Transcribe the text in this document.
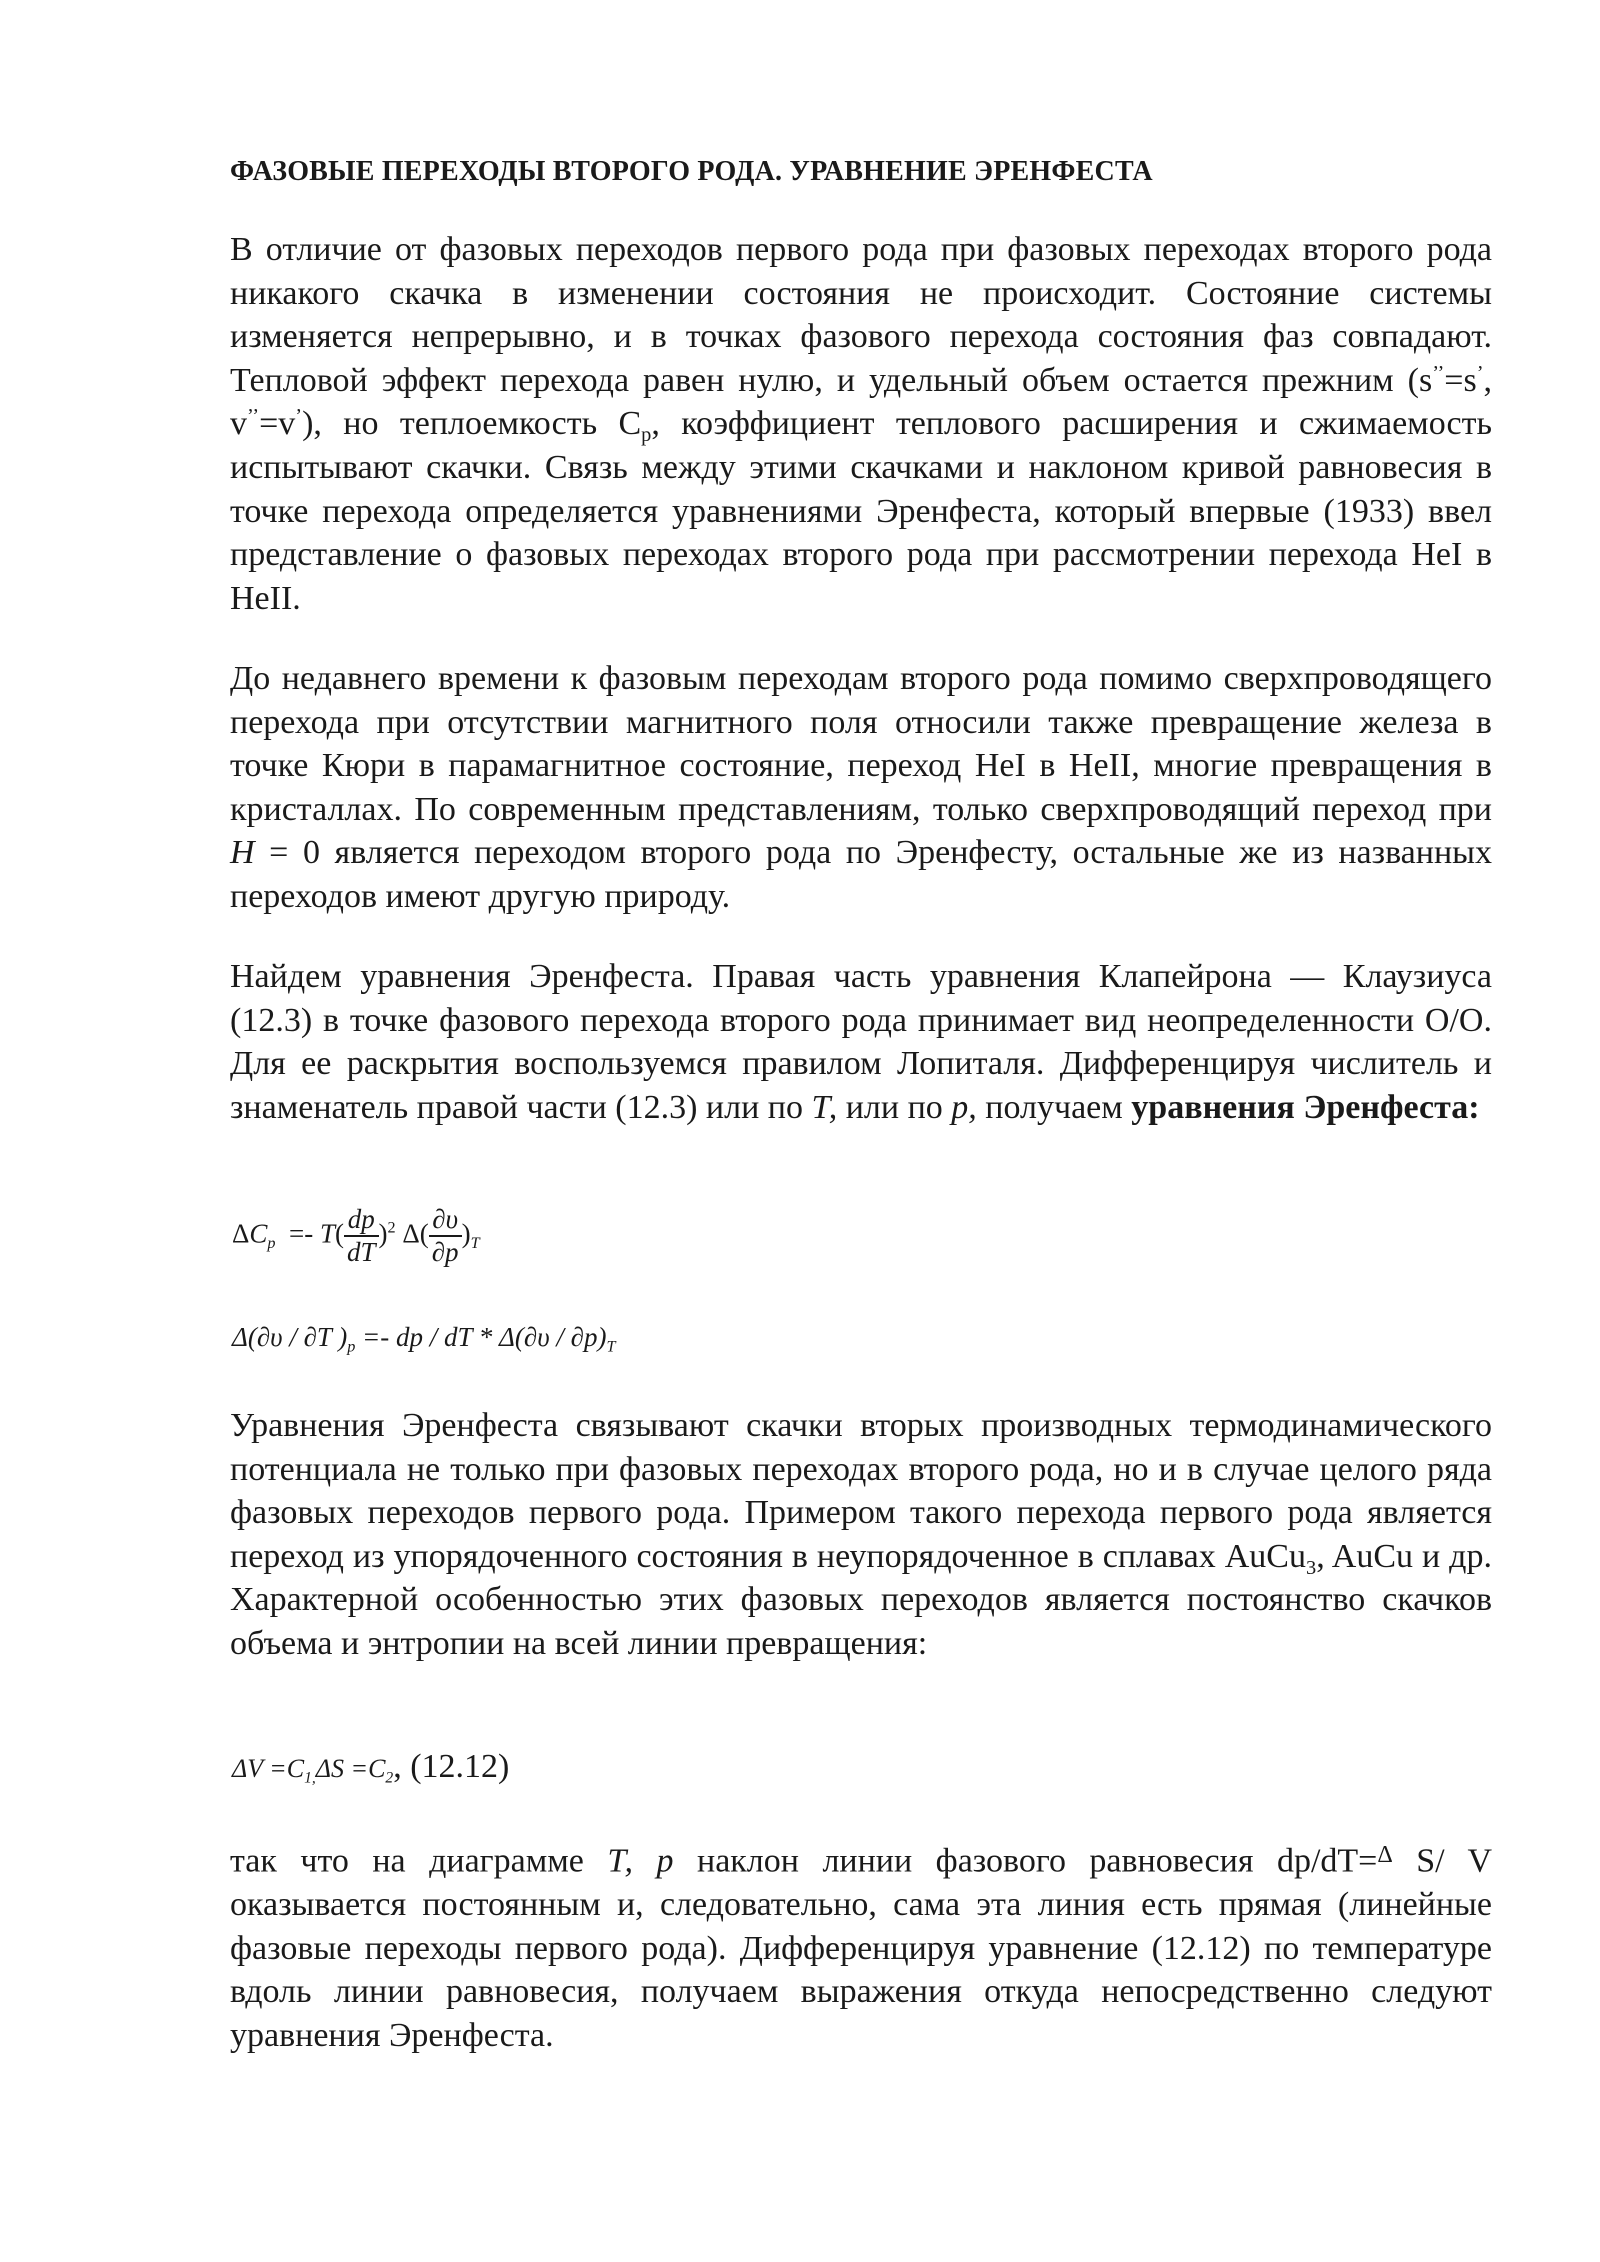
ФАЗОВЫЕ ПЕРЕХОДЫ ВТОРОГО РОДА. УРАВНЕНИЕ ЭРЕНФЕСТА

В отличие от фазовых переходов первого рода при фазовых переходах второго рода никакого скачка в изменении состояния не происходит. Состояние системы изменяется непрерывно, и в точках фазового перехода состояния фаз совпадают. Тепловой эффект перехода равен нулю, и удельный объем остается прежним (s’’=s’, v’’=v’), но теплоемкость $C_p$, коэффициент теплового расширения и сжимаемость испытывают скачки. Связь между этими скачками и наклоном кривой равновесия в точке перехода определяется уравнениями Эренфеста, который впервые (1933) ввел представление о фазовых переходах второго рода при рассмотрении перехода HeI в HeII.

До недавнего времени к фазовым переходам второго рода помимо сверхпроводящего перехода при отсутствии магнитного поля относили также превращение железа в точке Кюри в парамагнитное состояние, переход HeI в HeII, многие превращения в кристаллах. По современным представлениям, только сверхпроводящий переход при H = 0 является переходом второго рода по Эренфесту, остальные же из названных переходов имеют другую природу.

Найдем уравнения Эренфеста. Правая часть уравнения Клапейрона — Клаузиуса (12.3) в точке фазового перехода второго рода принимает вид неопределенности О/О. Для ее раскрытия воспользуемся правилом Лопиталя. Дифференцируя числитель и знаменатель правой части (12.3) или по Т, или по р, получаем уравнения Эренфеста:

$\Delta C_p =- T( \frac{dp}{dT} )^2$ $\Delta( \frac{\partial\upsilon}{\partial p} )_T$
Δ(∂υ / ∂T )$_p$ =- dp / dT * $\Delta(\partial\upsilon / \partial p)_T$

Уравнения Эренфеста связывают скачки вторых производных термодинамического потенциала не только при фазовых переходах второго рода, но и в случае целого ряда фазовых переходов первого рода. Примером такого перехода первого рода является переход из упорядоченного состояния в неупорядоченное в сплавах AuCu$_3$, AuCu и др. Характерной особенностью этих фазовых переходов является постоянство скачков объема и энтропии на всей линии превращения:

$\Delta V =C_{1,}\Delta S =C_2$, (12.12)

так что на диаграмме Т, р наклон линии фазового равновесия dp/dT=$^\Delta$ S/ V оказывается постоянным и, следовательно, сама эта линия есть прямая (линейные фазовые переходы первого рода). Дифференцируя уравнение (12.12) по температуре вдоль линии равновесия, получаем выражения откуда непосредственно следуют уравнения Эренфеста.
